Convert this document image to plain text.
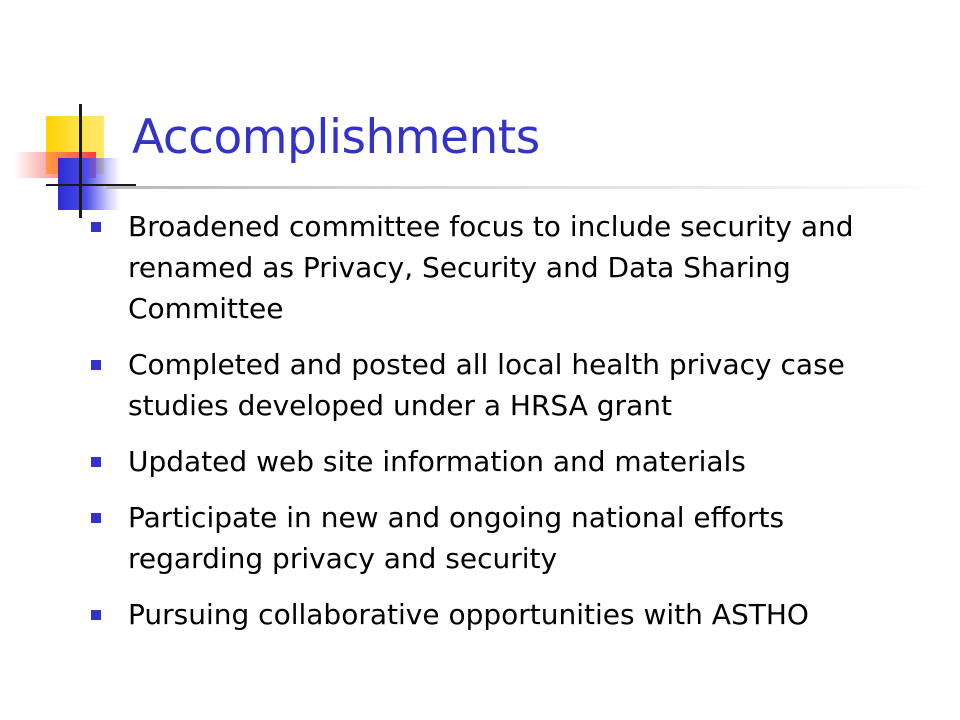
Accomplishments
Broadened committee focus to include security and renamed as Privacy, Security and Data Sharing Committee
Completed and posted all local health privacy case studies developed under a HRSA grant
Updated web site information and materials
Participate in new and ongoing national efforts regarding privacy and security
Pursuing collaborative opportunities with ASTHO
